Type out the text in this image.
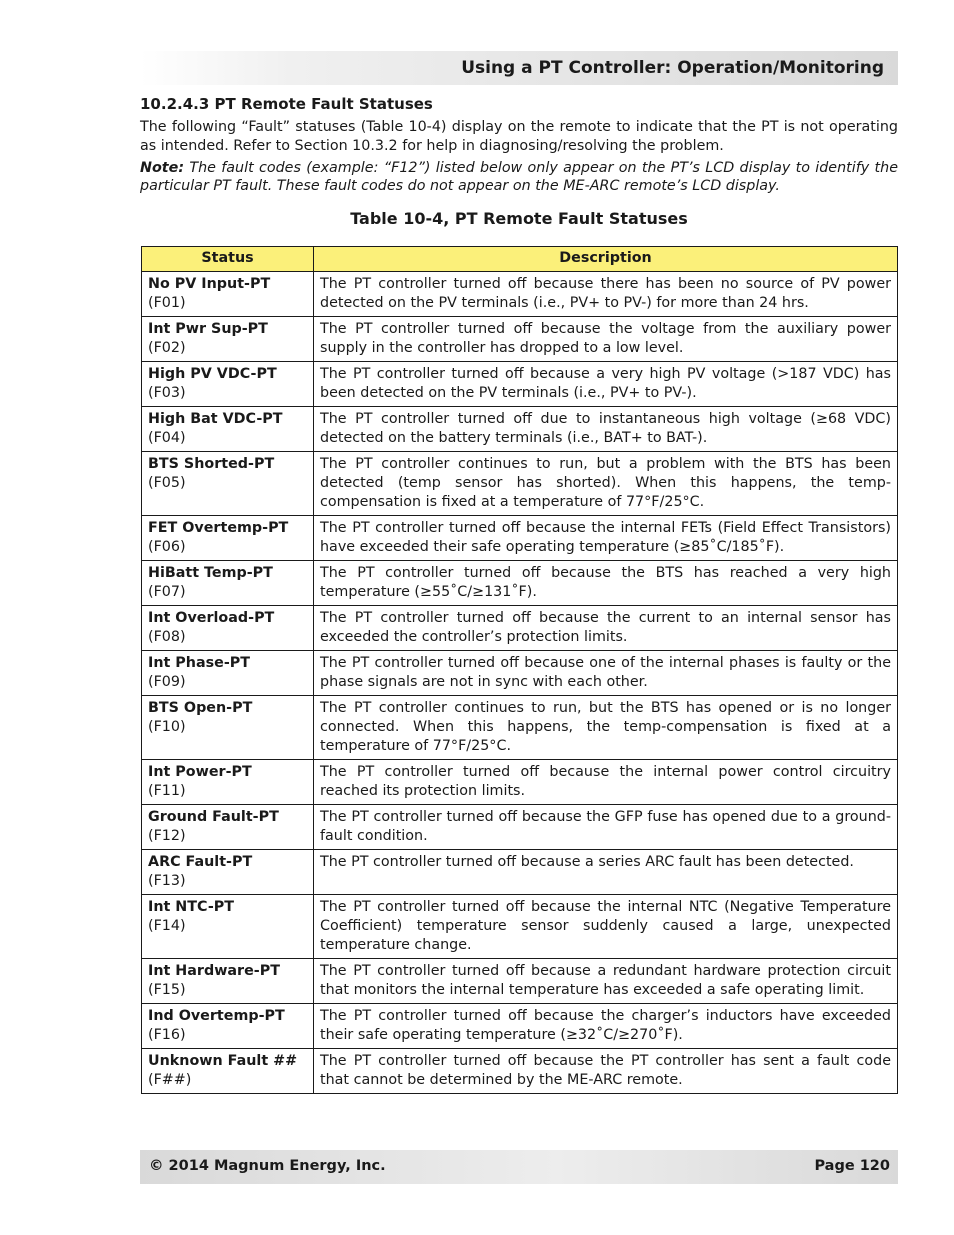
Using a PT Controller: Operation/Monitoring
10.2.4.3 PT Remote Fault Statuses

The following “Fault” statuses (Table 10-4) display on the remote to indicate that the PT is not operating as intended. Refer to Section 10.3.2 for help in diagnosing/resolving the problem.

Note: The fault codes (example: “F12”) listed below only appear on the PT’s LCD display to identify the particular PT fault. These fault codes do not appear on the ME-ARC remote’s LCD display.

Table 10-4, PT Remote Fault Statuses
Status	Description

No PV Input-PT
(F01)	The PT controller turned off because there has been no source of PV power detected on the PV terminals (i.e., PV+ to PV-) for more than 24 hrs.

Int Pwr Sup-PT
(F02)	The PT controller turned off because the voltage from the auxiliary power supply in the controller has dropped to a low level.

High PV VDC-PT
(F03)	The PT controller turned off because a very high PV voltage (>187 VDC) has been detected on the PV terminals (i.e., PV+ to PV-).

High Bat VDC-PT
(F04)	The PT controller turned off due to instantaneous high voltage (≥68 VDC) detected on the battery terminals (i.e., BAT+ to BAT-).

BTS Shorted-PT
(F05)	The PT controller continues to run, but a problem with the BTS has been detected (temp sensor has shorted). When this happens, the temp-compensation is fixed at a temperature of 77°F/25°C.

FET Overtemp-PT
(F06)	The PT controller turned off because the internal FETs (Field Effect Transistors) have exceeded their safe operating temperature (≥85˚C/185˚F).

HiBatt Temp-PT
(F07)	The PT controller turned off because the BTS has reached a very high temperature (≥55˚C/≥131˚F).

Int Overload-PT
(F08)	The PT controller turned off because the current to an internal sensor has exceeded the controller’s protection limits.

Int Phase-PT
(F09)	The PT controller turned off because one of the internal phases is faulty or the phase signals are not in sync with each other.

BTS Open-PT
(F10)	The PT controller continues to run, but the BTS has opened or is no longer connected. When this happens, the temp-compensation is fixed at a temperature of 77°F/25°C.

Int Power-PT
(F11)	The PT controller turned off because the internal power control circuitry reached its protection limits.

Ground Fault-PT
(F12)	The PT controller turned off because the GFP fuse has opened due to a ground-fault condition.

ARC Fault-PT
(F13)	The PT controller turned off because a series ARC fault has been detected.

Int NTC-PT
(F14)	The PT controller turned off because the internal NTC (Negative Temperature Coefficient) temperature sensor suddenly caused a large, unexpected temperature change.

Int Hardware-PT
(F15)	The PT controller turned off because a redundant hardware protection circuit that monitors the internal temperature has exceeded a safe operating limit.

Ind Overtemp-PT
(F16)	The PT controller turned off because the charger’s inductors have exceeded their safe operating temperature (≥32˚C/≥270˚F).

Unknown Fault ##
(F##)	The PT controller turned off because the PT controller has sent a fault code that cannot be determined by the ME-ARC remote.
© 2014 Magnum Energy, Inc.	Page 120
